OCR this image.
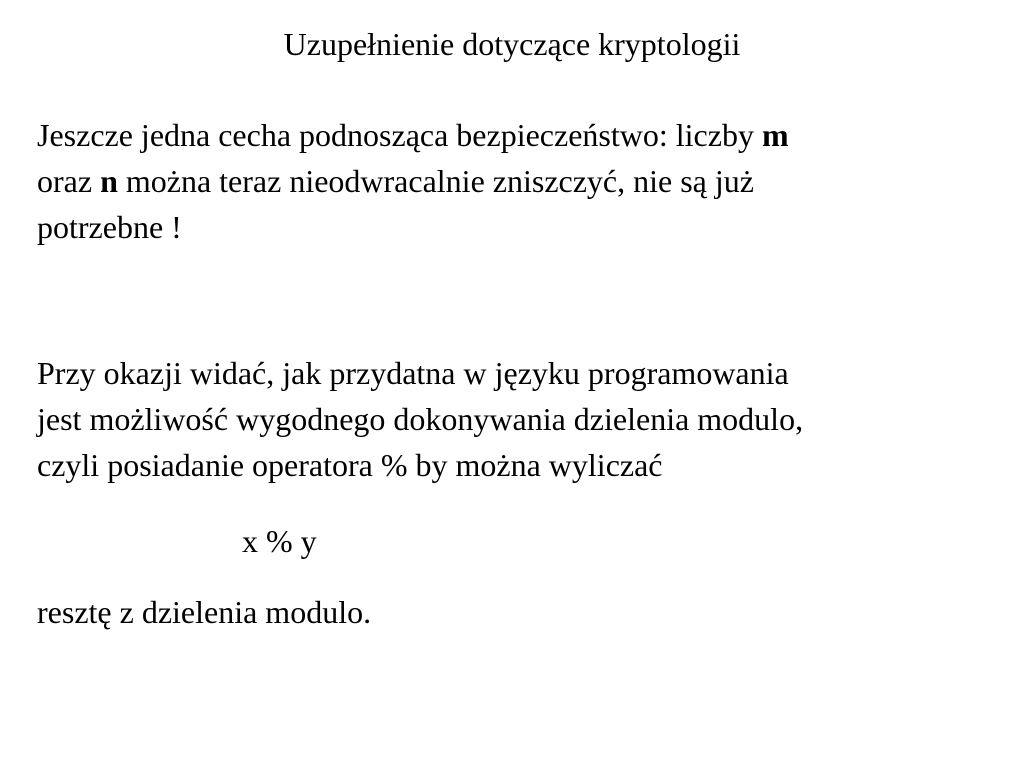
Uzupełnienie dotyczące kryptologii

Jeszcze jedna cecha podnosząca bezpieczeństwo: liczby m
oraz n można teraz nieodwracalnie zniszczyć, nie są już
potrzebne !

Przy okazji widać, jak przydatna w języku programowania
jest możliwość wygodnego dokonywania dzielenia modulo,
czyli posiadanie operatora % by można wyliczać

x % y

resztę z dzielenia modulo.
